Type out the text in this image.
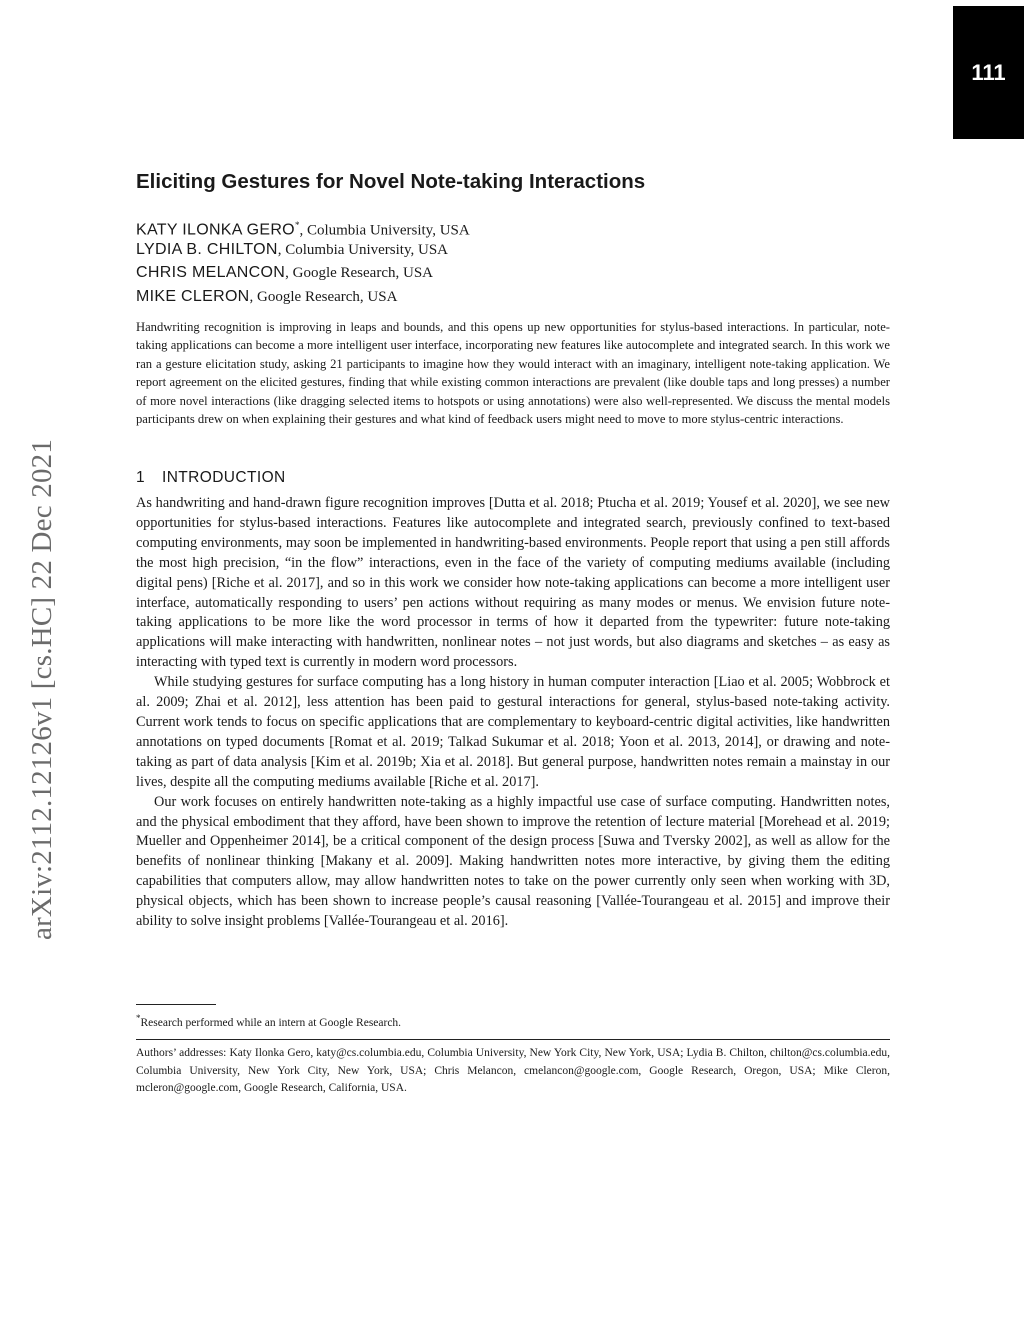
111
arXiv:2112.12126v1 [cs.HC] 22 Dec 2021
Eliciting Gestures for Novel Note-taking Interactions
KATY ILONKA GERO*, Columbia University, USA
LYDIA B. CHILTON, Columbia University, USA
CHRIS MELANCON, Google Research, USA
MIKE CLERON, Google Research, USA
Handwriting recognition is improving in leaps and bounds, and this opens up new opportunities for stylus-based interactions. In particular, note-taking applications can become a more intelligent user interface, incorporating new features like autocomplete and integrated search. In this work we ran a gesture elicitation study, asking 21 participants to imagine how they would interact with an imaginary, intelligent note-taking application. We report agreement on the elicited gestures, finding that while existing common interactions are prevalent (like double taps and long presses) a number of more novel interactions (like dragging selected items to hotspots or using annotations) were also well-represented. We discuss the mental models participants drew on when explaining their gestures and what kind of feedback users might need to move to more stylus-centric interactions.
1 INTRODUCTION

As handwriting and hand-drawn figure recognition improves [Dutta et al. 2018; Ptucha et al. 2019; Yousef et al. 2020], we see new opportunities for stylus-based interactions. Features like autocomplete and integrated search, previously confined to text-based computing environments, may soon be implemented in handwriting-based environments. People report that using a pen still affords the most high precision, “in the flow” interactions, even in the face of the variety of computing mediums available (including digital pens) [Riche et al. 2017], and so in this work we consider how note-taking applications can become a more intelligent user interface, automatically responding to users’ pen actions without requiring as many modes or menus. We envision future note-taking applications to be more like the word processor in terms of how it departed from the typewriter: future note-taking applications will make interacting with handwritten, nonlinear notes – not just words, but also diagrams and sketches – as easy as interacting with typed text is currently in modern word processors.

While studying gestures for surface computing has a long history in human computer interaction [Liao et al. 2005; Wobbrock et al. 2009; Zhai et al. 2012], less attention has been paid to gestural interactions for general, stylus-based note-taking activity. Current work tends to focus on specific applications that are complementary to keyboard-centric digital activities, like handwritten annotations on typed documents [Romat et al. 2019; Talkad Sukumar et al. 2018; Yoon et al. 2013, 2014], or drawing and note-taking as part of data analysis [Kim et al. 2019b; Xia et al. 2018]. But general purpose, handwritten notes remain a mainstay in our lives, despite all the computing mediums available [Riche et al. 2017].

Our work focuses on entirely handwritten note-taking as a highly impactful use case of surface computing. Handwritten notes, and the physical embodiment that they afford, have been shown to improve the retention of lecture material [Morehead et al. 2019; Mueller and Oppenheimer 2014], be a critical component of the design process [Suwa and Tversky 2002], as well as allow for the benefits of nonlinear thinking [Makany et al. 2009]. Making handwritten notes more interactive, by giving them the editing capabilities that computers allow, may allow handwritten notes to take on the power currently only seen when working with 3D, physical objects, which has been shown to increase people’s causal reasoning [Vallée-Tourangeau et al. 2015] and improve their ability to solve insight problems [Vallée-Tourangeau et al. 2016].

*Research performed while an intern at Google Research.
Authors’ addresses: Katy Ilonka Gero, katy@cs.columbia.edu, Columbia University, New York City, New York, USA; Lydia B. Chilton, chilton@cs.columbia.edu, Columbia University, New York City, New York, USA; Chris Melancon, cmelancon@google.com, Google Research, Oregon, USA; Mike Cleron, mcleron@google.com, Google Research, California, USA.
